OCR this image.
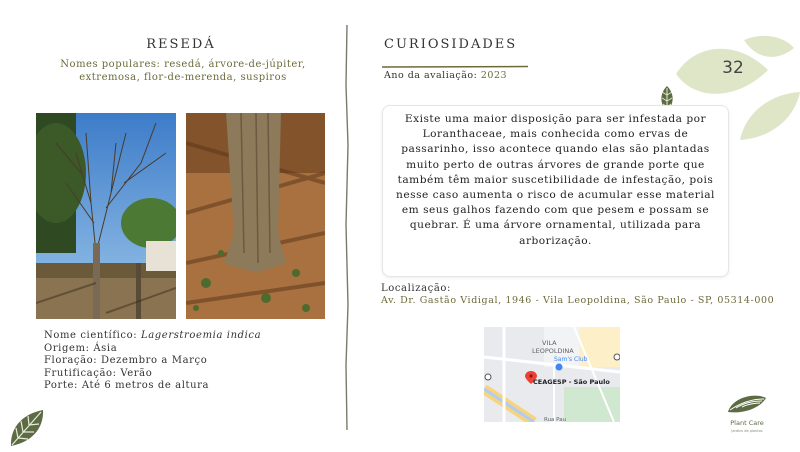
RESEDÁ
Nomes populares: resedá, árvore-de-júpiter, extremosa, flor-de-merenda, suspiros
Nome científico: Lagerstroemia indica
Origem: Ásia
Floração: Dezembro a Março
Frutificação: Verão
Porte: Até 6 metros de altura
CURIOSIDADES
Ano da avaliação: 2023	32

Existe uma maior disposição para ser infestada por Loranthaceae, mais conhecida como ervas de passarinho, isso acontece quando elas são plantadas muito perto de outras árvores de grande porte que também têm maior suscetibilidade de infestação, pois nesse caso aumenta o risco de acumular esse material em seus galhos fazendo com que pesem e possam se quebrar. É uma árvore ornamental, utilizada para arborização.

Localização:
Av. Dr. Gastão Vidigal, 1946 - Vila Leopoldina, São Paulo - SP, 05314-000
VILA
LEOPOLDINA
Sam's Club
CEAGESP - São Paulo
Rua Pau	Plant Care
jardins de plantas
